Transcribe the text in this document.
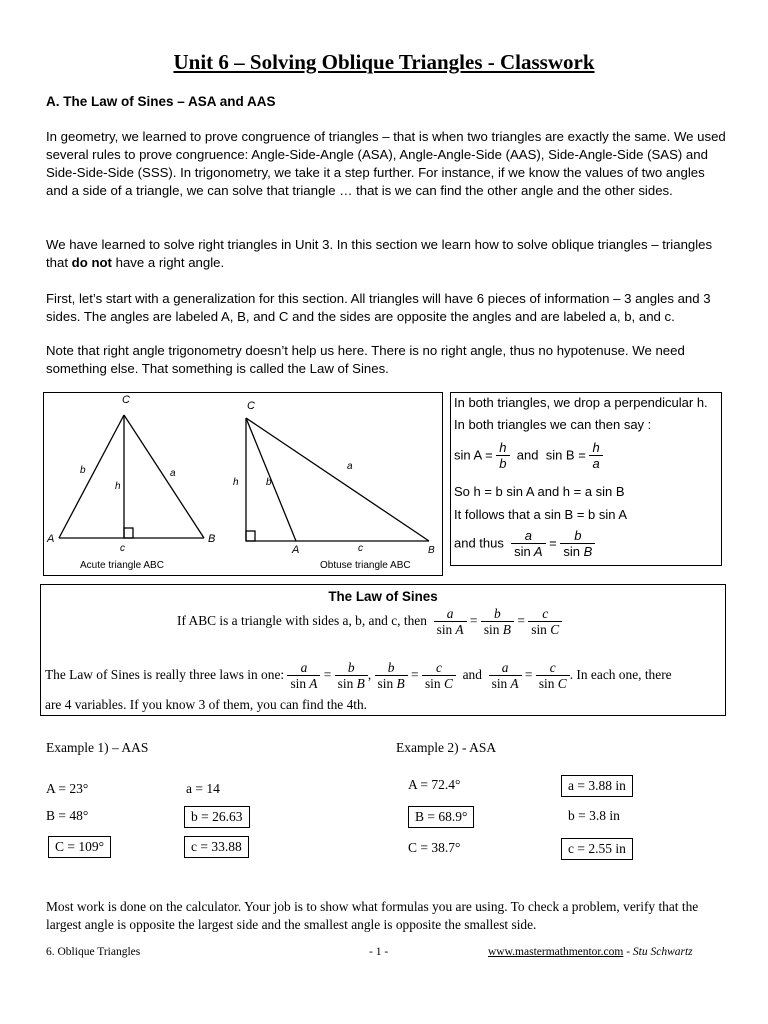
Unit 6 – Solving Oblique Triangles - Classwork
A. The Law of Sines – ASA and AAS
In geometry, we learned to prove congruence of triangles – that is when two triangles are exactly the same. We used several rules to prove congruence: Angle-Side-Angle (ASA), Angle-Angle-Side (AAS), Side-Angle-Side (SAS) and Side-Side-Side (SSS). In trigonometry, we take it a step further. For instance, if we know the values of two angles and a side of a triangle, we can solve that triangle … that is we can find the other angle and the other sides.
We have learned to solve right triangles in Unit 3. In this section we learn how to solve oblique triangles – triangles that do not have a right angle.
First, let’s start with a generalization for this section. All triangles will have 6 pieces of information – 3 angles and 3 sides. The angles are labeled A, B, and C and the sides are opposite the angles and are labeled a, b, and c.
Note that right angle trigonometry doesn’t help us here. There is no right angle, thus no hypotenuse. We need something else. That something is called the Law of Sines.
C
A	B
b	a
h
c
Acute triangle ABC
C
A	B
b
a
h
c
Obtuse triangle ABC
In both triangles, we drop a perpendicular h.
In both triangles we can then say :
$\sin A = \frac{h}{b}$ and $\sin B = \frac{h}{a}$
So h = b sin A and h = a sin B
It follows that a sin B = b sin A
and thus $\frac{a}{\text{sin A}} = \frac{b}{\text{sin B}}$
The Law of Sines
If ABC is a triangle with sides a, b, and c, then $\frac{a}{\text{sin A}} = \frac{b}{\text{sin B}} = \frac{c}{\text{sin C}}$
The Law of Sines is really three laws in one: $\frac{a}{\text{sin A}} = \frac{b}{\text{sin B}}$ , $\frac{b}{\text{sin B}} = \frac{c}{\text{sin C}}$ and $\frac{a}{\text{sin A}} = \frac{c}{\text{sin C}}$ . In each one, there
are 4 variables. If you know 3 of them, you can find the 4th.
Example 1) – AAS
A = 23°	a = 14
B = 48°	b = 26.63
C = 109°	c = 33.88
Example 2) - ASA
A = 72.4°	a = 3.88 in
B = 68.9°	b = 3.8 in
C = 38.7°	c = 2.55 in
Most work is done on the calculator. Your job is to show what formulas you are using. To check a problem, verify that the largest angle is opposite the largest side and the smallest angle is opposite the smallest side.
6. Oblique Triangles	- 1 -	www.mastermathmentor.com - Stu Schwartz
